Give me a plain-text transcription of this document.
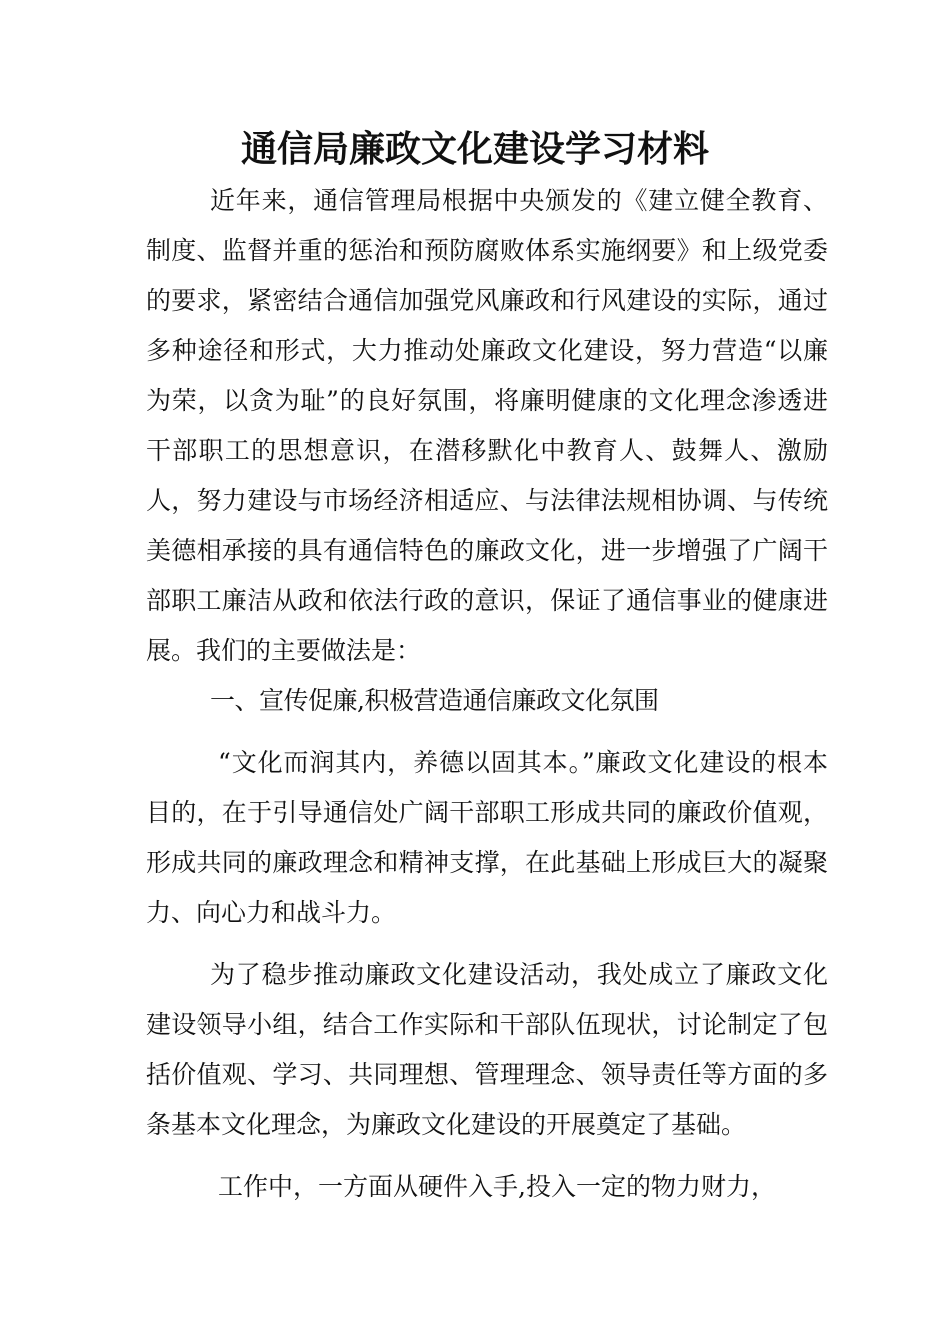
通信局廉政文化建设学习材料

近年来，通信管理局根据中央颁发的《建立健全教育、制度、监督并重的惩治和预防腐败体系实施纲要》和上级党委的要求，紧密结合通信加强党风廉政和行风建设的实际，通过多种途径和形式，大力推动处廉政文化建设，努力营造“以廉为荣，以贪为耻”的良好氛围，将廉明健康的文化理念渗透进干部职工的思想意识，在潜移默化中教育人、鼓舞人、激励人，努力建设与市场经济相适应、与法律法规相协调、与传统美德相承接的具有通信特色的廉政文化，进一步增强了广阔干部职工廉洁从政和依法行政的意识，保证了通信事业的健康进展。我们的主要做法是：

一、宣传促廉,积极营造通信廉政文化氛围

“文化而润其内，养德以固其本。”廉政文化建设的根本目的，在于引导通信处广阔干部职工形成共同的廉政价值观，形成共同的廉政理念和精神支撑，在此基础上形成巨大的凝聚力、向心力和战斗力。

为了稳步推动廉政文化建设活动，我处成立了廉政文化建设领导小组，结合工作实际和干部队伍现状，讨论制定了包括价值观、学习、共同理想、管理理念、领导责任等方面的多条基本文化理念，为廉政文化建设的开展奠定了基础。

工作中，一方面从硬件入手,投入一定的物力财力，
